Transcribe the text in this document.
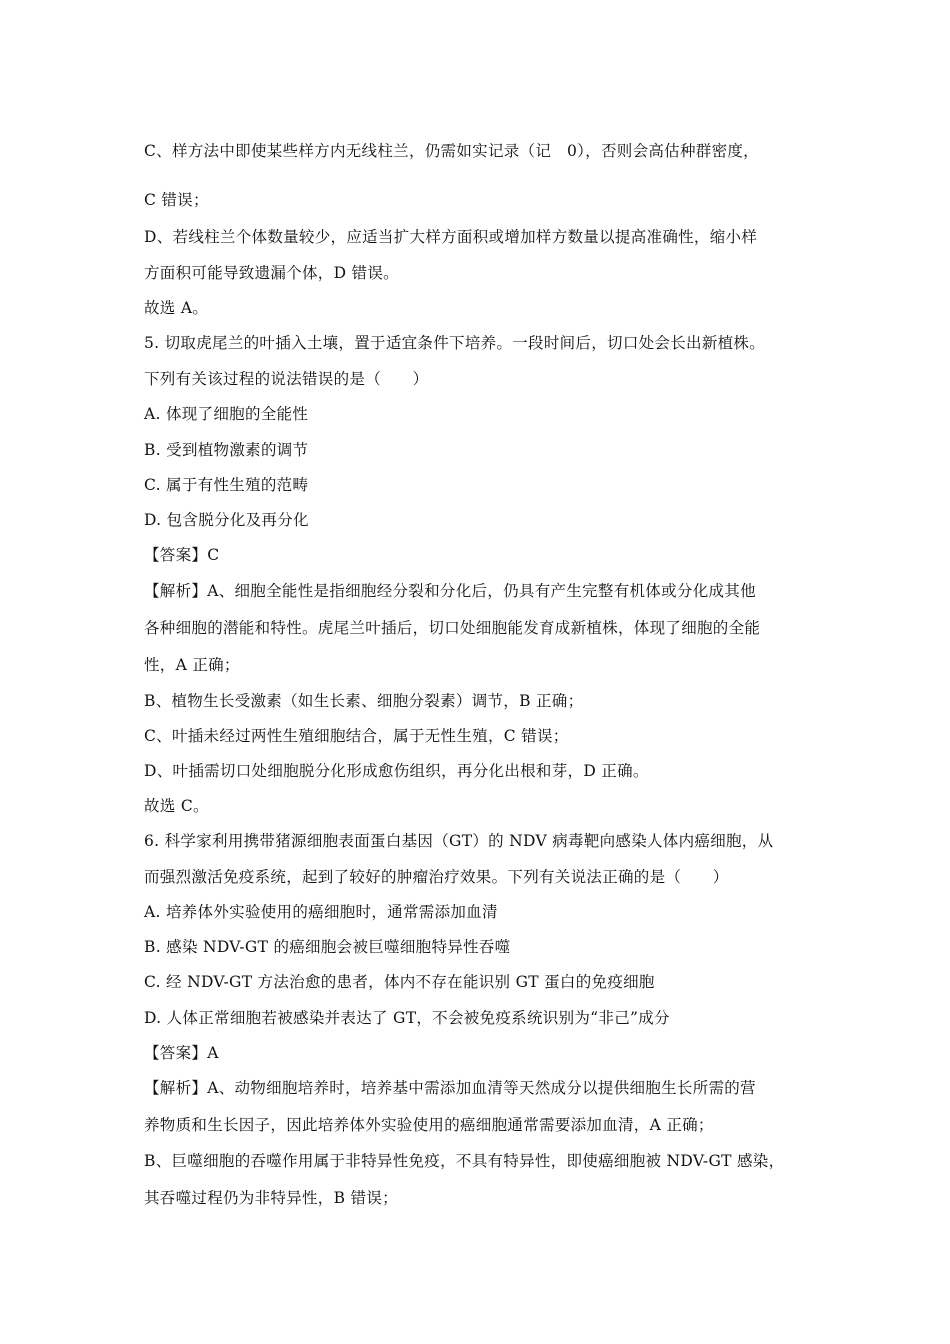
C、样方法中即使某些样方内无线柱兰，仍需如实记录（记　0），否则会高估种群密度，
C 错误；
D、若线柱兰个体数量较少，应适当扩大样方面积或增加样方数量以提高准确性，缩小样
方面积可能导致遗漏个体，D 错误。
故选 A。
5. 切取虎尾兰的叶插入土壤，置于适宜条件下培养。一段时间后，切口处会长出新植株。
下列有关该过程的说法错误的是（　　）
A. 体现了细胞的全能性
B. 受到植物激素的调节
C. 属于有性生殖的范畴
D. 包含脱分化及再分化
【答案】C
【解析】A、细胞全能性是指细胞经分裂和分化后，仍具有产生完整有机体或分化成其他
各种细胞的潜能和特性。虎尾兰叶插后，切口处细胞能发育成新植株，体现了细胞的全能
性，A 正确；
B、植物生长受激素（如生长素、细胞分裂素）调节，B 正确；
C、叶插未经过两性生殖细胞结合，属于无性生殖，C 错误；
D、叶插需切口处细胞脱分化形成愈伤组织，再分化出根和芽，D 正确。
故选 C。
6. 科学家利用携带猪源细胞表面蛋白基因（GT）的 NDV 病毒靶向感染人体内癌细胞，从
而强烈激活免疫系统，起到了较好的肿瘤治疗效果。下列有关说法正确的是（　　）
A. 培养体外实验使用的癌细胞时，通常需添加血清
B. 感染 NDV-GT 的癌细胞会被巨噬细胞特异性吞噬
C. 经 NDV-GT 方法治愈的患者，体内不存在能识别 GT 蛋白的免疫细胞
D. 人体正常细胞若被感染并表达了 GT，不会被免疫系统识别为“非己”成分
【答案】A
【解析】A、动物细胞培养时，培养基中需添加血清等天然成分以提供细胞生长所需的营
养物质和生长因子，因此培养体外实验使用的癌细胞通常需要添加血清，A 正确；
B、巨噬细胞的吞噬作用属于非特异性免疫，不具有特异性，即使癌细胞被 NDV-GT 感染，
其吞噬过程仍为非特异性，B 错误；
